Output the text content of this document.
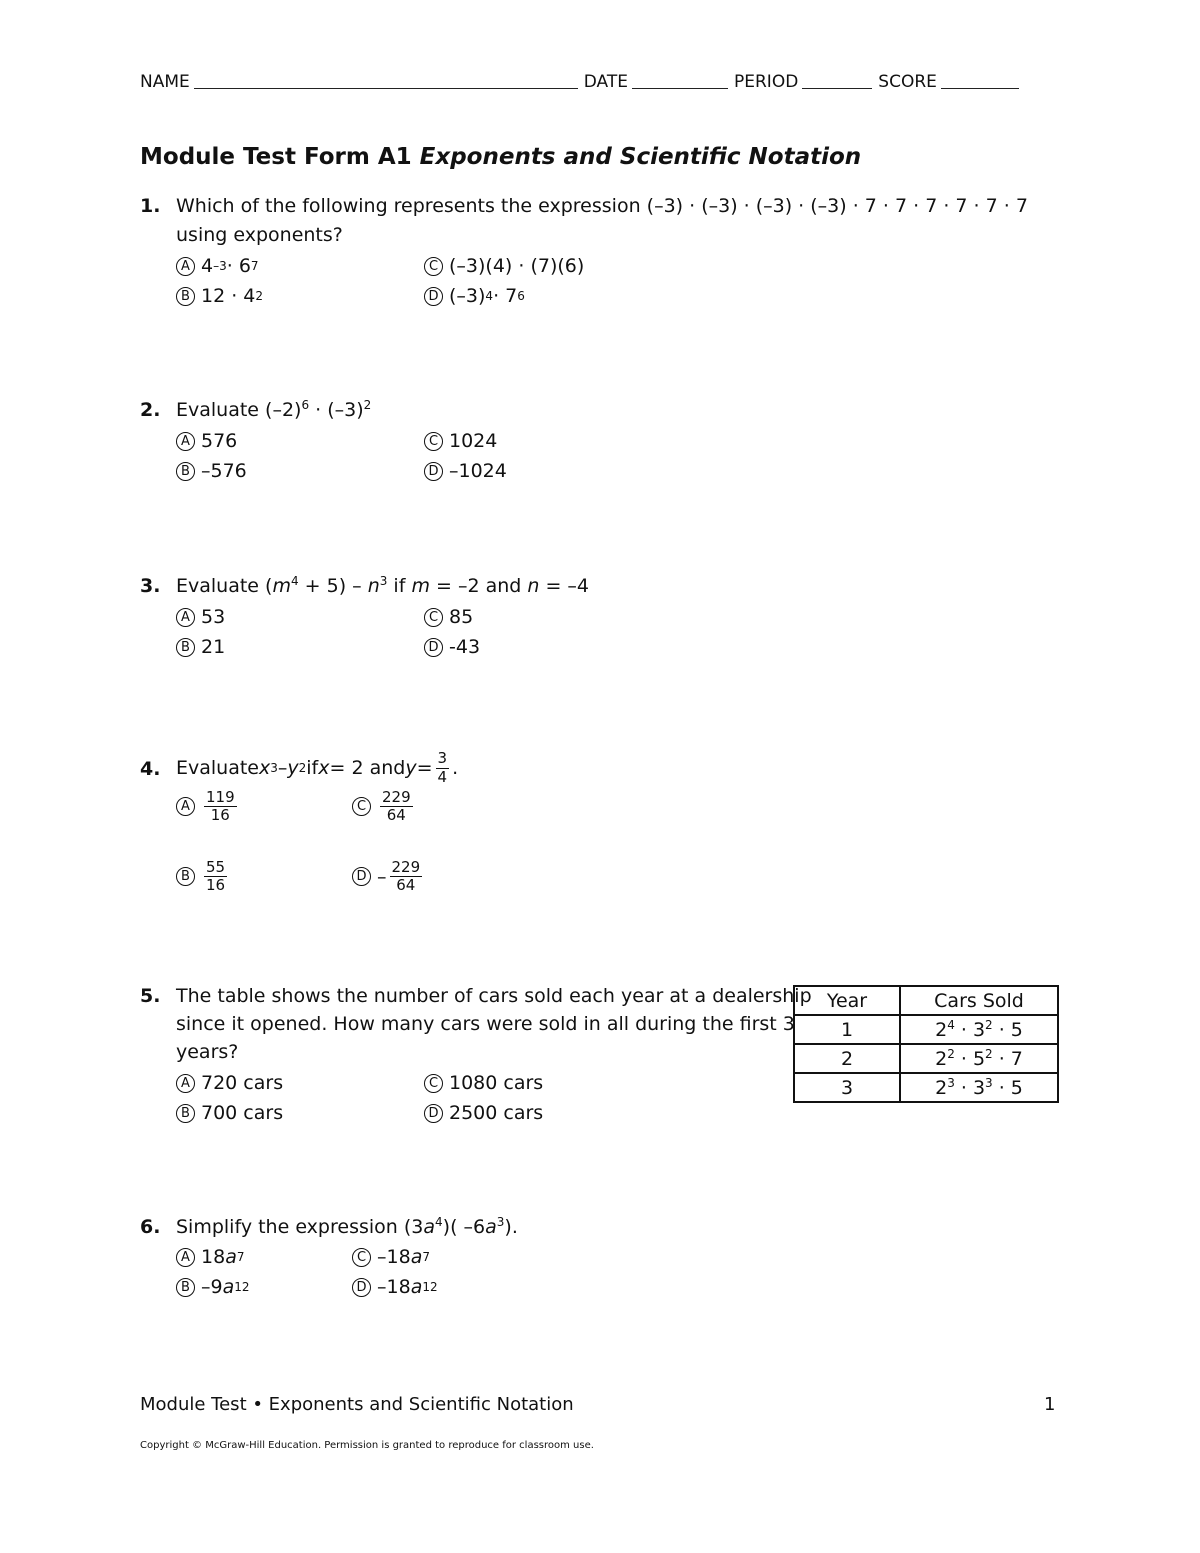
NAME	DATE	PERIOD	SCORE
Module Test Form A1 Exponents and Scientific Notation
1. Which of the following represents the expression (–3) · (–3) · (–3) · (–3) · 7 · 7 · 7 · 7 · 7 · 7
using exponents?
A 4 –3 · 6 7
B 12 · 4 2
C (–3)(4) · (7)(6)
D (–3) 4 · 7 6
2. Evaluate $(-2)^6 \cdot (-3)^2$
A 576
B –576
C 1024
D –1024
3. Evaluate $(m^4 + 5) - n^3$ if m = –2 and n = –4
A 53
B 21
C 85
D -43
4. Evaluate x 3 – y 2 if x = 2 and $y = \frac{3}{4}$ .
A $\frac{119}{16}$
B $\frac{55}{16}$
C $\frac{229}{64}$
D – $\frac{229}{64}$
5. The table shows the number of cars sold each year at a dealership
since it opened. How many cars were sold in all during the first 3
years?
A 720 cars
B 700 cars
C 1080 cars
D 2500 cars
Year	Cars Sold
1	$2^4 \cdot 3^2 \cdot 5$
2	$2^2 \cdot 5^2 \cdot 7$
3	$2^3 \cdot 3^3 \cdot 5$
6. Simplify the expression $(3a^4)$( $-6a^3$).
A 18 a 7
B –9 a 12
C –18 a 7
D –18 a 12
Module Test • Exponents and Scientific Notation	1
Copyright © McGraw-Hill Education. Permission is granted to reproduce for classroom use.
